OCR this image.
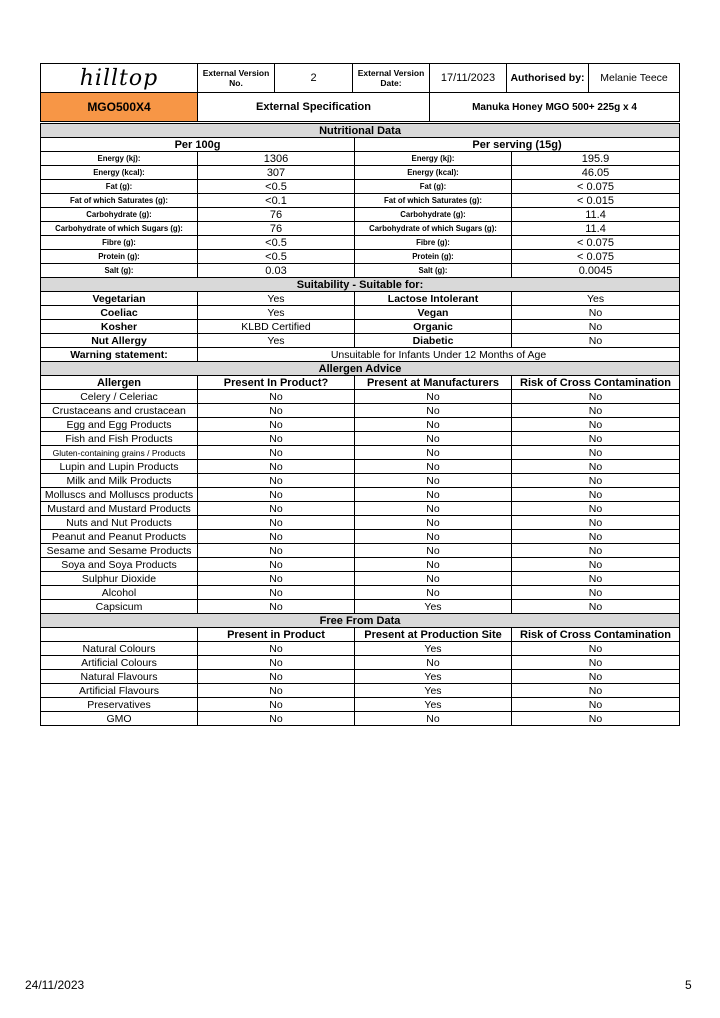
hilltop	External Version No.	2	External Version Date:	17/11/2023	Authorised by:	Melanie Teece
MGO500X4	External Specification			Manuka Honey MGO 500+ 225g x 4		
Nutritional Data			
Per 100g		Per serving (15g)	
Energy (kj):	1306	Energy (kj):	195.9
Energy (kcal):	307	Energy (kcal):	46.05
Fat (g):	<0.5	Fat (g):	< 0.075
Fat of which Saturates (g):	<0.1	Fat of which Saturates (g):	< 0.015
Carbohydrate (g):	76	Carbohydrate (g):	11.4
Carbohydrate of which Sugars (g):	76	Carbohydrate of which Sugars (g):	11.4
Fibre (g):	<0.5	Fibre (g):	< 0.075
Protein (g):	<0.5	Protein (g):	< 0.075
Salt (g):	0.03	Salt (g):	0.0045
Suitability - Suitable for:			
Vegetarian	Yes	Lactose Intolerant	Yes
Coeliac	Yes	Vegan	No
Kosher	KLBD Certified	Organic	No
Nut Allergy	Yes	Diabetic	No
Warning statement:	Unsuitable for Infants Under 12 Months of Age		
Allergen Advice			
Allergen	Present In Product?	Present at Manufacturers	Risk of Cross Contamination
Celery / Celeriac	No	No	No
Crustaceans and crustacean	No	No	No
Egg and Egg Products	No	No	No
Fish and Fish Products	No	No	No
Gluten-containing grains / Products	No	No	No
Lupin and Lupin Products	No	No	No
Milk and Milk Products	No	No	No
Molluscs and Molluscs products	No	No	No
Mustard and Mustard Products	No	No	No
Nuts and Nut Products	No	No	No
Peanut and Peanut Products	No	No	No
Sesame and Sesame Products	No	No	No
Soya and Soya Products	No	No	No
Sulphur Dioxide	No	No	No
Alcohol	No	No	No
Capsicum	No	Yes	No
Free From Data			
	Present in Product	Present at Production Site	Risk of Cross Contamination
Natural Colours	No	Yes	No
Artificial Colours	No	No	No
Natural Flavours	No	Yes	No
Artificial Flavours	No	Yes	No
Preservatives	No	Yes	No
GMO	No	No	No
24/11/2023	5
